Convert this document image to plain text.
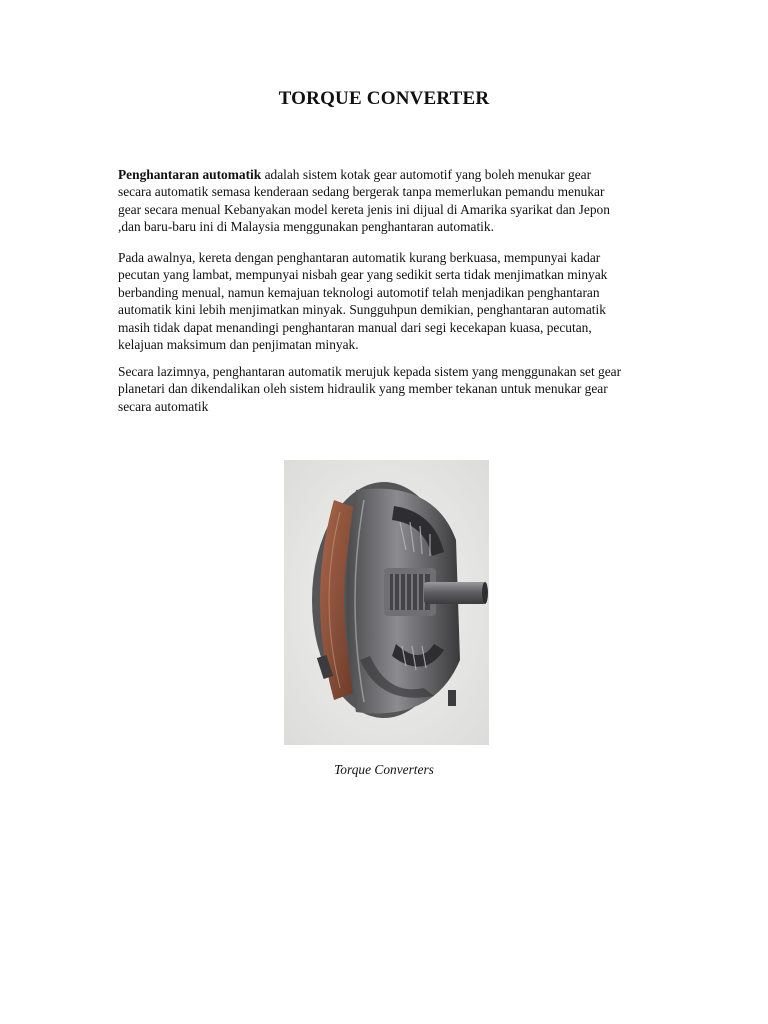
TORQUE CONVERTER

Penghantaran automatik adalah sistem kotak gear automotif yang boleh menukar gear
secara automatik semasa kenderaan sedang bergerak tanpa memerlukan pemandu menukar
gear secara menual Kebanyakan model kereta jenis ini dijual di Amarika syarikat dan Jepon
,dan baru-baru ini di Malaysia menggunakan penghantaran automatik.

Pada awalnya, kereta dengan penghantaran automatik kurang berkuasa, mempunyai kadar
pecutan yang lambat, mempunyai nisbah gear yang sedikit serta tidak menjimatkan minyak
berbanding menual, namun kemajuan teknologi automotif telah menjadikan penghantaran
automatik kini lebih menjimatkan minyak. Sungguhpun demikian, penghantaran automatik
masih tidak dapat menandingi penghantaran manual dari segi kecekapan kuasa, pecutan,
kelajuan maksimum dan penjimatan minyak.

Secara lazimnya, penghantaran automatik merujuk kepada sistem yang menggunakan set gear
planetari dan dikendalikan oleh sistem hidraulik yang member tekanan untuk menukar gear
secara automatik

Torque Converters
